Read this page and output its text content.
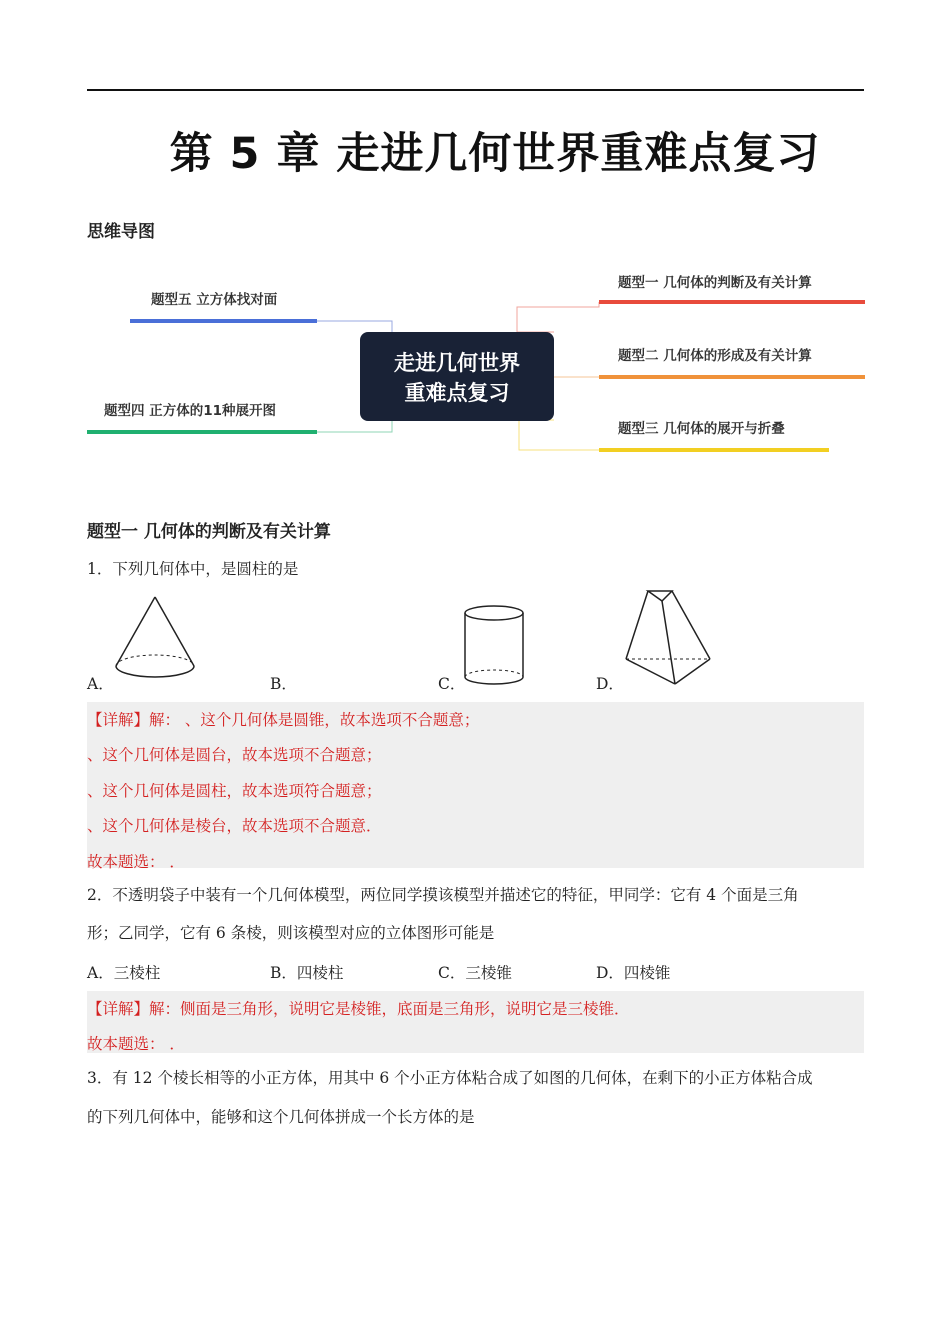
第 5 章 走进几何世界重难点复习
思维导图
走进几何世界
重难点复习
题型五 立方体找对面
题型四 正方体的11种展开图
题型一 几何体的判断及有关计算
题型二 几何体的形成及有关计算
题型三 几何体的展开与折叠
题型一 几何体的判断及有关计算
1．下列几何体中，是圆柱的是
A．	B．	C．	D．
【详解】解： 、这个几何体是圆锥，故本选项不合题意；
、这个几何体是圆台，故本选项不合题意；
、这个几何体是圆柱，故本选项符合题意；
、这个几何体是棱台，故本选项不合题意．
故本题选： ．
2．不透明袋子中装有一个几何体模型，两位同学摸该模型并描述它的特征，甲同学：它有 4 个面是三角
形；乙同学，它有 6 条棱，则该模型对应的立体图形可能是
A．三棱柱	B．四棱柱	C．三棱锥	D．四棱锥
【详解】解：侧面是三角形，说明它是棱锥，底面是三角形，说明它是三棱锥．
故本题选： ．
3．有 12 个棱长相等的小正方体，用其中 6 个小正方体粘合成了如图的几何体，在剩下的小正方体粘合成
的下列几何体中，能够和这个几何体拼成一个长方体的是
